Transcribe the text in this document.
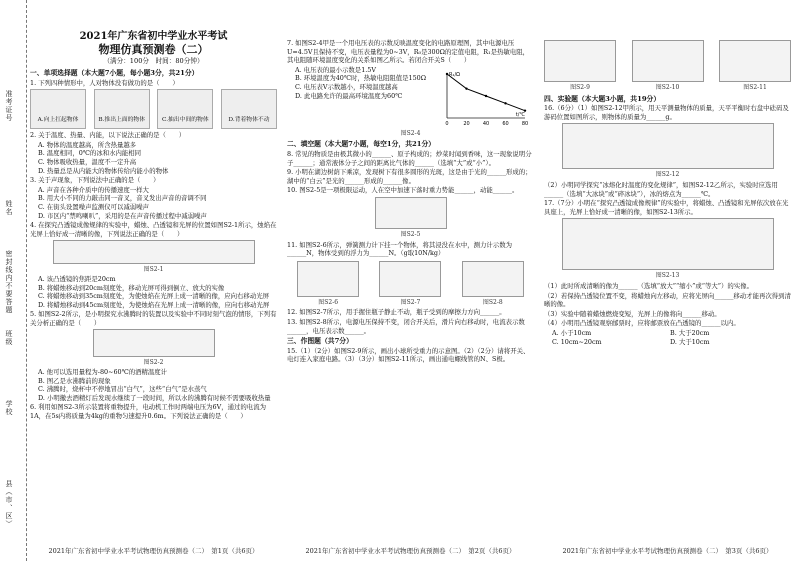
准考证号
姓名
密封线内不要答题
班级
学校
县（市、区）
2021年广东省初中学业水平考试
物理仿真预测卷（二）
（满分：100分　时间：80分钟）
一、单项选择题（本大题7小题，每小题3分，共21分）
1. 下列四种情形中，人对物体没有做功的是（　　）
A.向上扛起物体	B.推出上面的物体	C.抽出中间的物体	D.背着物体不动
2. 关于温度、热量、内能，以下说法正确的是（　　）
A. 物体的温度越高，所含热量越多
B. 温度相同，0℃的冰和水内能相同
C. 物体吸收热量，温度不一定升高
D. 热量总是从内能大的物体传给内能小的物体
3. 关于声现象，下列说法中正确的是（　　）
A. 声音在各种介质中的传播速度一样大
B. 用大小不同的力敲击同一音叉，音叉发出声音的音调不同
C. 在街头设置噪声监测仪可以减弱噪声
D. 市区内“禁鸣喇叭”，采用的是在声音传播过程中减弱噪声
4. 在探究凸透镜成像规律的实验中，蜡烛、凸透镜和光屏的位置如图S2-1所示，烛焰在光屏上恰好成一清晰的像，下列说法正确的是（　　）
图S2-1
A. 该凸透镜的焦距是20cm
B. 将蜡烛移动到20cm刻度处，移动光屏可得到倒立、放大的实像
C. 将蜡烛移动到35cm刻度处，为使烛焰在光屏上成一清晰的像，应向右移动光屏
D. 将蜡烛移动到45cm刻度处，为使烛焰在光屏上成一清晰的像，应向右移动光屏
5. 如图S2-2所示，是小明探究水沸腾时的装置以及实验中不同时刻气泡的情形，下列有关分析正确的是（　　）
图S2-2
A. 他可以选用量程为-80~60℃的酒精温度计
B. 图乙是水沸腾前的现象
C. 沸腾时，烧杯中不停地冒出“白气”，这些“白气”是水蒸气
D. 小明撤去酒精灯后发现水继续了一段时间，所以水的沸腾有时候不需要吸收热量
6. 利用如图S2-3所示装置将重物提升，电动机工作时两端电压为6V，通过的电流为1A，在5s内将质量为4kg的重物匀速提升0.6m。下列说法正确的是（　　）
2021年广东省初中学业水平考试物理仿真预测卷（二）　第1页（共6页）
7. 如图S2-4甲是一个用电压表的示数反映温度变化的电路原理图，其中电源电压U=4.5V且保持不变，电压表量程为0~3V，R₀是300Ω的定值电阻，R₁是热敏电阻，其电阻随环境温度变化的关系如图乙所示。若闭合开关S（　　）
A. 电压表的最小示数是1.5V
B. 环境温度为40℃时，热敏电阻阻值是150Ω
C. 电压表V示数越小，环境温度越高
D. 此电路允许的最高环境温度为60℃
0	20	40	60	80
t/℃
R₁/Ω
图S2-4
二、填空题（本大题7小题，每空1分，共21分）
8. 常见的物质是由极其微小的______、原子构成的；炒菜时闻到香味，这一现象说明分子______；通常液体分子之间的距离比气体的______（选填“大”或“小”）。
9. 小明在湖边树荫下乘凉，发现树下有很多圆形的光斑，这是由于光的______形成的；湖中的“白云”是光的______形成的______像。
10. 图S2-5是一项极限运动，人在空中加速下落时重力势能______，动能______。
图S2-5
11. 如图S2-6所示，弹簧测力计下挂一个物体，将其浸没在水中，测力计示数为______N，物体受到的浮力为______N。（g取10N/kg）
图S2-6	图S2-7	图S2-8
12. 如图S2-7所示，用手握住瓶子静止不动，瓶子受到的摩擦力方向______。
13. 如图S2-8所示，电源电压保持不变，闭合开关后，滑片向右移动时，电流表示数______，电压表示数______。
三、作图题（共7分）
15.（1）（2分）如图S2-9所示，画出小球所受重力的示意图。（2）（2分）请将开关、电灯连入家庭电路。（3）（3分）如图S2-11所示，画出通电螺线管的N、S极。
2021年广东省初中学业水平考试物理仿真预测卷（二）　第2页（共6页）
图S2-9	图S2-10	图S2-11
四、实验题（本大题3小题，共19分）
16.（6分）（1）如图S2-12甲所示，用天平测量物体的质量，天平平衡时右盘中砝码及游码位置如图所示，则物体的质量为______g。
图S2-12
（2）小明同学探究“冰熔化时温度的变化规律”，如图S2-12乙所示，实验时应选用______（选填“大冰块”或“碎冰块”），冰的熔点为______℃。
17.（7分）小明在“探究凸透镜成像规律”的实验中，将蜡烛、凸透镜和光屏依次放在光具座上，光屏上恰好成一清晰的像，如图S2-13所示。
图S2-13
（1）此时所成清晰的像为______（选填“放大”“缩小”或“等大”）的实像。
（2）若保持凸透镜位置不变，将蜡烛向左移动，应将光屏向______移动才能再次得到清晰的像。
（3）实验中随着蜡烛燃烧变短，光屏上的像将向______移动。
（4）小明用凸透镜观察邮票时，应将邮票放在凸透镜的______以内。
A. 小于10cm	B. 大于20cm
C. 10cm~20cm	D. 大于10cm
2021年广东省初中学业水平考试物理仿真预测卷（二）　第3页（共6页）
